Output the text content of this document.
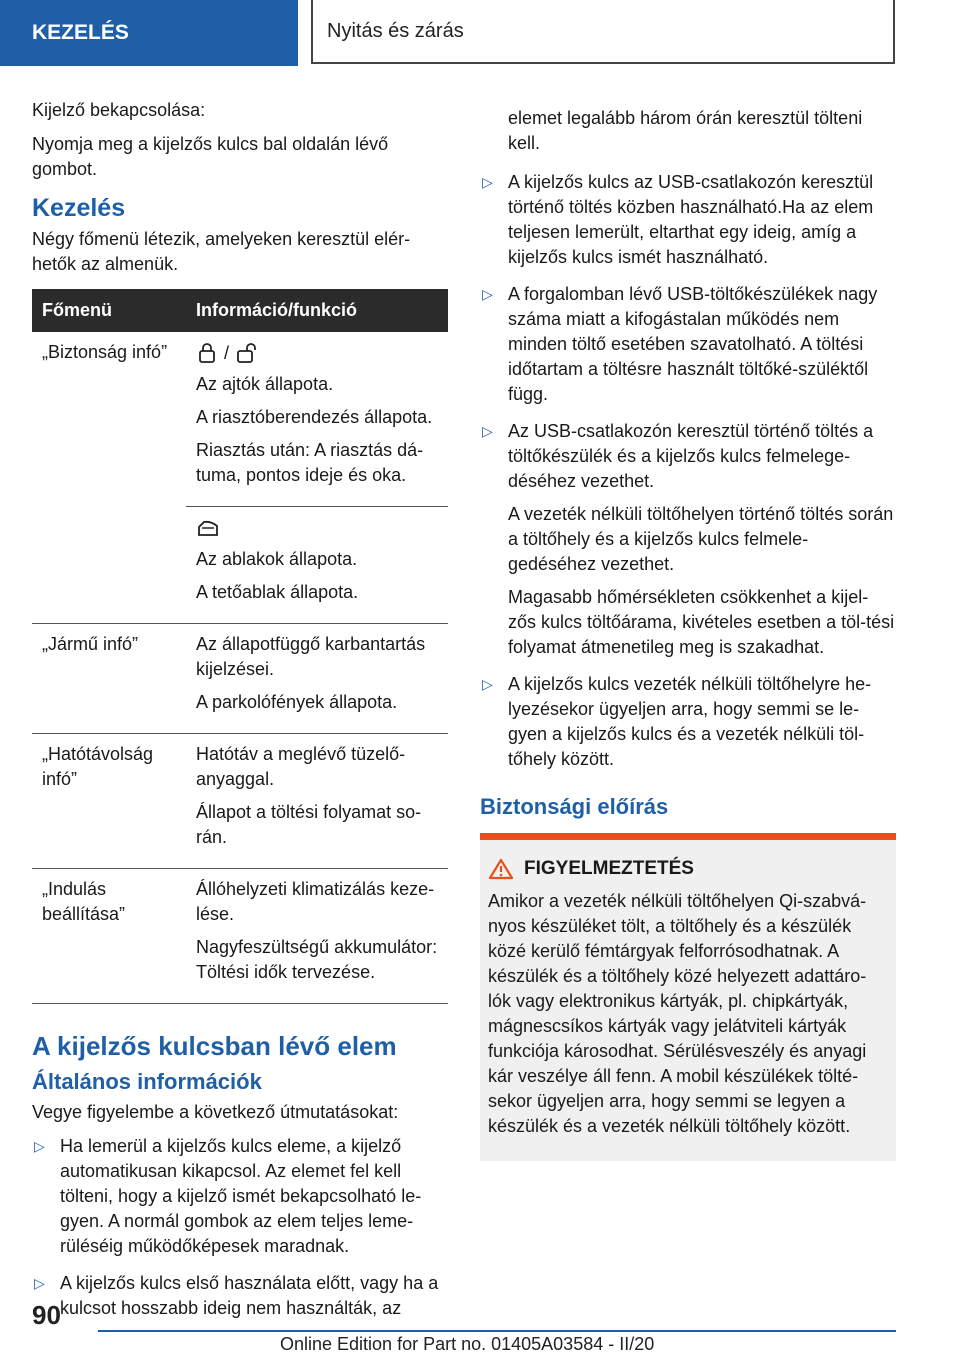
KEZELÉS	Nyitás és zárás

Kijelző bekapcsolása:

Nyomja meg a kijelzős kulcs bal oldalán lévő gombot.

Kezelés

Négy főmenü létezik, amelyeken keresztül elér-hetők az almenük.

Főmenü	Információ/funkció
„Biztonság infó”	/

Az ajtók állapota.

A riasztóberendezés állapota.

Riasztás után: A riasztás dá-tuma, pontos ideje és oka.

	Az ablakok állapota.

A tetőablak állapota.

„Jármű infó”	Az állapotfüggő karbantartás kijelzései.

A parkolófények állapota.

„Hatótávolság infó”	Hatótáv a meglévő tüzelő-anyaggal.

Állapot a töltési folyamat so-rán.

„Indulás beállítása”	Állóhelyzeti klimatizálás keze-lése.

Nagyfeszültségű akkumulátor: Töltési idők tervezése.

A kijelzős kulcsban lévő elem
Általános információk

Vegye figyelembe a következő útmutatásokat:

▷ Ha lemerül a kijelzős kulcs eleme, a kijelző automatikusan kikapcsol. Az elemet fel kell tölteni, hogy a kijelző ismét bekapcsolható le-gyen. A normál gombok az elem teljes leme-rüléséig működőképesek maradnak.

▷ A kijelzős kulcs első használata előtt, vagy ha a kulcsot hosszabb ideig nem használták, az

elemet legalább három órán keresztül tölteni kell.

▷ A kijelzős kulcs az USB-csatlakozón keresztül történő töltés közben használható.Ha az elem teljesen lemerült, eltarthat egy ideig, amíg a kijelzős kulcs ismét használható.

▷ A forgalomban lévő USB-töltőkészülékek nagy száma miatt a kifogástalan működés nem minden töltő esetében szavatolható. A töltési időtartam a töltésre használt töltőké-szüléktől függ.

▷ Az USB-csatlakozón keresztül történő töltés a töltőkészülék és a kijelzős kulcs felmelege-déséhez vezethet.

A vezeték nélküli töltőhelyen történő töltés során a töltőhely és a kijelzős kulcs felmele-gedéséhez vezethet.

Magasabb hőmérsékleten csökkenhet a kijel-zős kulcs töltőárama, kivételes esetben a töl-tési folyamat átmenetileg meg is szakadhat.

▷ A kijelzős kulcs vezeték nélküli töltőhelyre he-lyezésekor ügyeljen arra, hogy semmi se le-gyen a kijelzős kulcs és a vezeték nélküli töl-tőhely között.

Biztonsági előírás
FIGYELMEZTETÉS

Amikor a vezeték nélküli töltőhelyen Qi-szabvá-nyos készüléket tölt, a töltőhely és a készülék közé kerülő fémtárgyak felforrósodhatnak. A készülék és a töltőhely közé helyezett adattáro-lók vagy elektronikus kártyák, pl. chipkártyák, mágnescsíkos kártyák vagy jelátviteli kártyák funkciója károsodhat. Sérülésveszély és anyagi kár veszélye áll fenn. A mobil készülékek tölté-sekor ügyeljen arra, hogy semmi se legyen a készülék és a vezeték nélküli töltőhely között.

90
Online Edition for Part no. 01405A03584 - II/20
